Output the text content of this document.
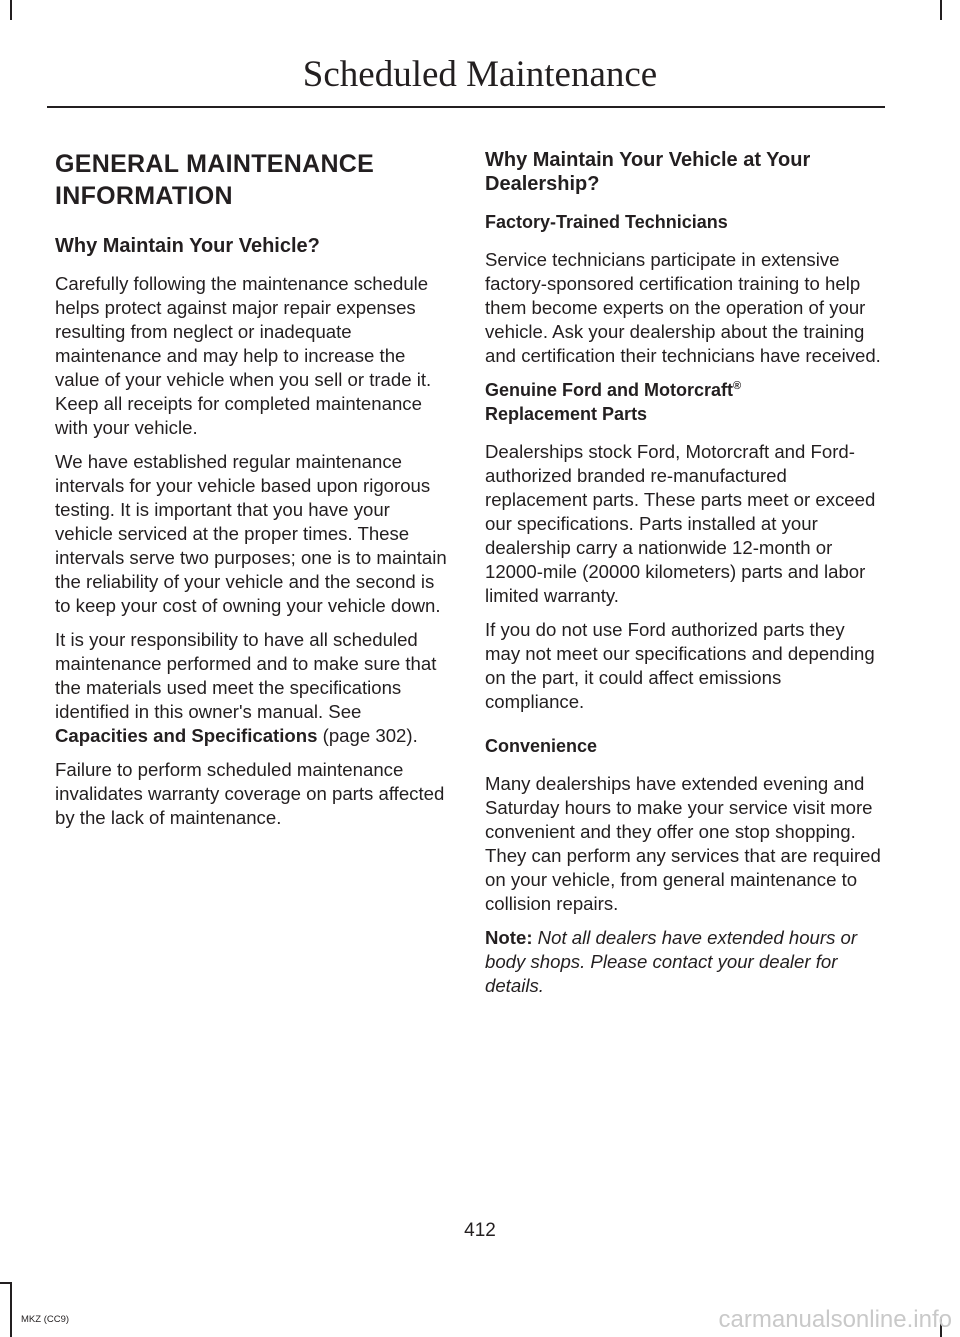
Scheduled Maintenance
GENERAL MAINTENANCE INFORMATION
Why Maintain Your Vehicle?

Carefully following the maintenance schedule helps protect against major repair expenses resulting from neglect or inadequate maintenance and may help to increase the value of your vehicle when you sell or trade it. Keep all receipts for completed maintenance with your vehicle.

We have established regular maintenance intervals for your vehicle based upon rigorous testing. It is important that you have your vehicle serviced at the proper times. These intervals serve two purposes; one is to maintain the reliability of your vehicle and the second is to keep your cost of owning your vehicle down.

It is your responsibility to have all scheduled maintenance performed and to make sure that the materials used meet the specifications identified in this owner's manual. See Capacities and Specifications (page 302).

Failure to perform scheduled maintenance invalidates warranty coverage on parts affected by the lack of maintenance.

Why Maintain Your Vehicle at Your Dealership?
Factory-Trained Technicians

Service technicians participate in extensive factory-sponsored certification training to help them become experts on the operation of your vehicle. Ask your dealership about the training and certification their technicians have received.

Genuine Ford and Motorcraft®
Replacement Parts

Dealerships stock Ford, Motorcraft and Ford-authorized branded re-manufactured replacement parts. These parts meet or exceed our specifications. Parts installed at your dealership carry a nationwide 12-month or 12000-mile (20000 kilometers) parts and labor limited warranty.

If you do not use Ford authorized parts they may not meet our specifications and depending on the part, it could affect emissions compliance.

Convenience

Many dealerships have extended evening and Saturday hours to make your service visit more convenient and they offer one stop shopping. They can perform any services that are required on your vehicle, from general maintenance to collision repairs.

Note: Not all dealers have extended hours or body shops. Please contact your dealer for details.

412
MKZ (CC9)	carmanualsonline.info
